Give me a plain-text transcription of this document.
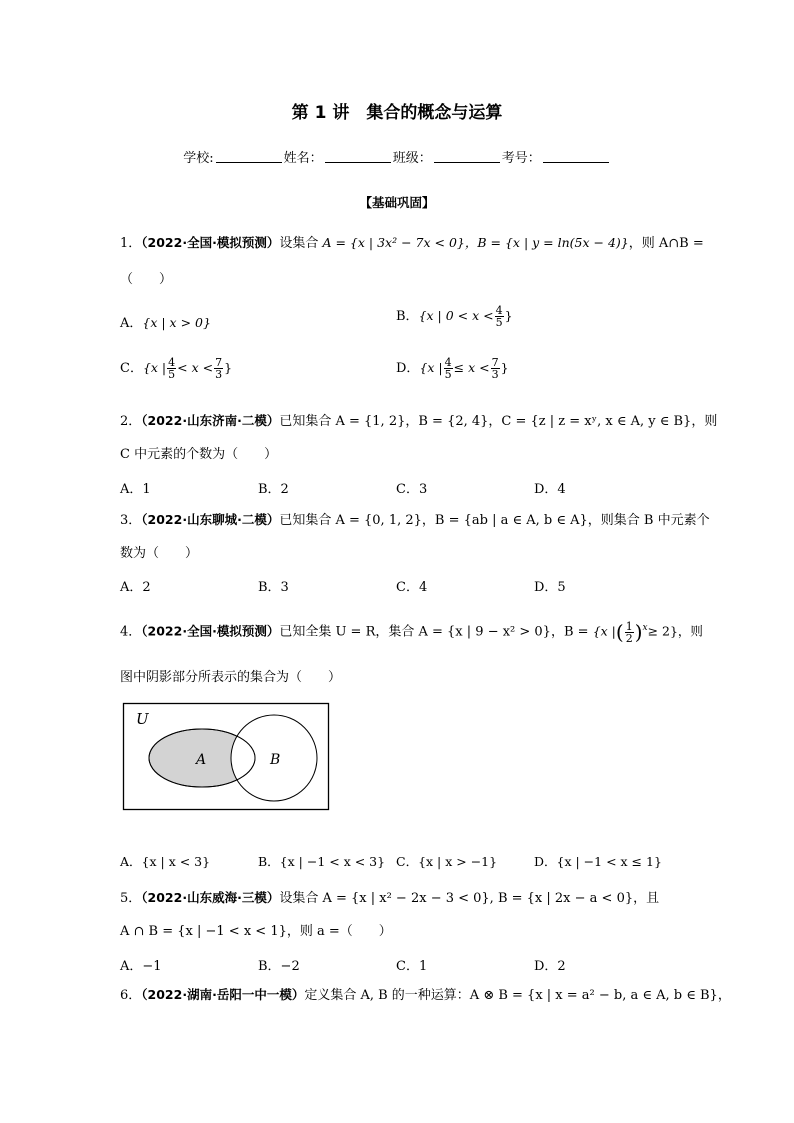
第 1 讲　集合的概念与运算
学校:	姓名：	班级：	考号：
【基础巩固】
1．（2022·全国·模拟预测）设集合 A = {x | 3x² − 7x < 0}，B = {x | y = ln(5x − 4)}，则 A∩B =
（　　）
A．{x | x > 0}	B．{x | $0 < x < \frac{4}{5}$ }
C．{x | $\frac{4}{5} < x < \frac{7}{3}$ }	D．{x | $\frac{4}{5} \le x < \frac{7}{3}$ }
2．（2022·山东济南·二模）已知集合 A = {1, 2}，B = {2, 4}，C = {z | z = xʸ, x ∈ A, y ∈ B}，则
C 中元素的个数为（　　）
A．1	B．2	C．3	D．4
3．（2022·山东聊城·二模）已知集合 A = {0, 1, 2}，B = {ab | a ∈ A, b ∈ A}，则集合 B 中元素个
数为（　　）
A．2	B．3	C．4	D．5
4．（2022·全国·模拟预测）已知全集 U = R，集合 A = {x | 9 − x² > 0}，B = {x |( $\frac{1}{2} )^x\ge 2$}，则
图中阴影部分所表示的集合为（　　）
U
A	B
A．{x | x < 3}	B．{x | −1 < x < 3} C．{x | x > −1}	D．{x | −1 < x ≤ 1}
5．（2022·山东威海·三模）设集合 A = {x | x² − 2x − 3 < 0}, B = {x | 2x − a < 0}，且
A ∩ B = {x | −1 < x < 1}，则 a =（　　）
A．−1	B．−2	C．1	D．2
6．（2022·湖南·岳阳一中一模）定义集合 A, B 的一种运算：A ⊗ B = {x | x = a² − b, a ∈ A, b ∈ B}，
